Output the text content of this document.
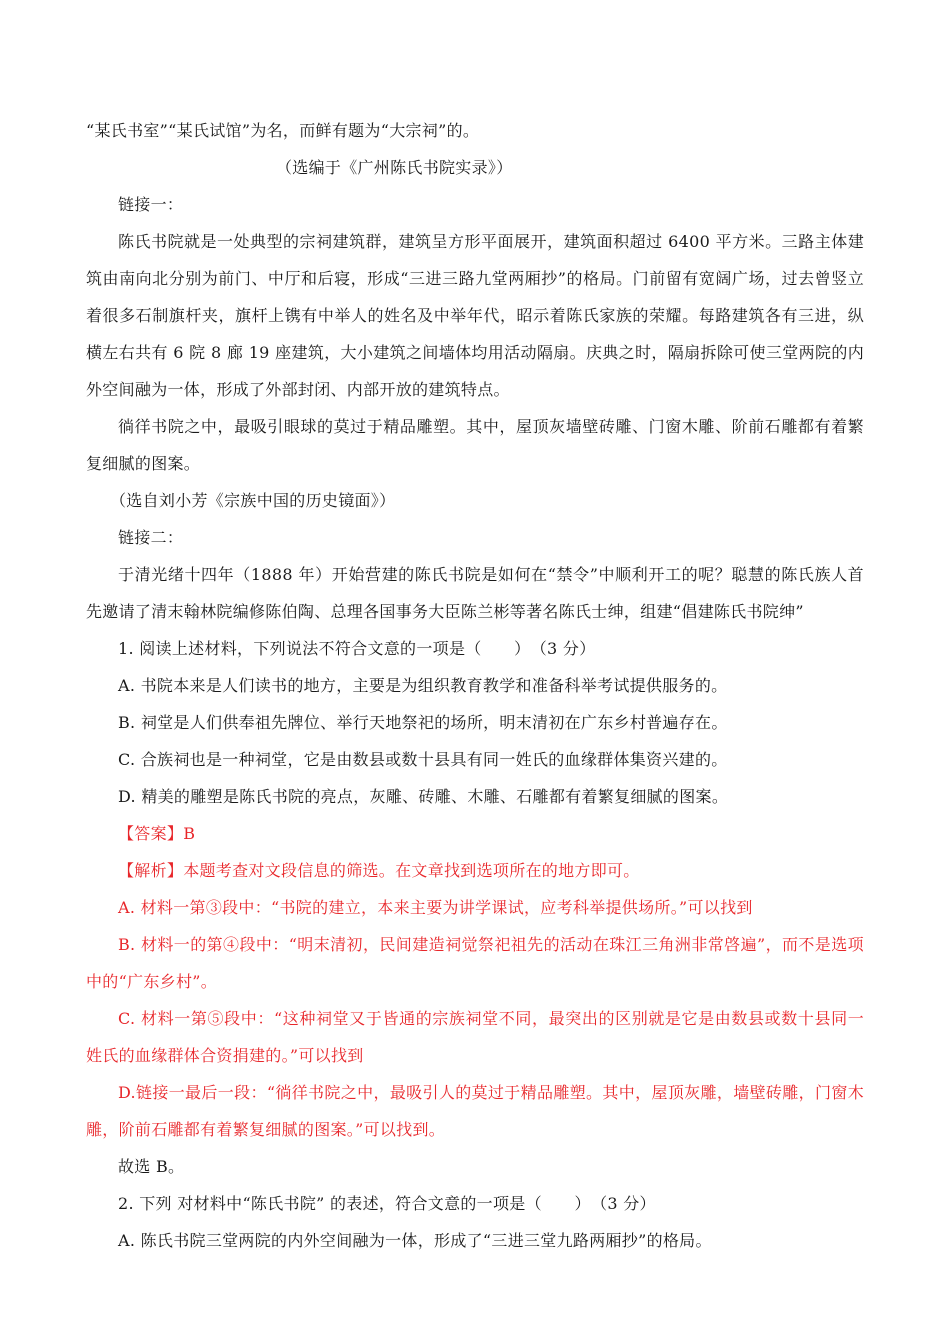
“某氏书室”“某氏试馆”为名，而鲜有题为“大宗祠”的。

（选编于《广州陈氏书院实录》）

链接一：

陈氏书院就是一处典型的宗祠建筑群，建筑呈方形平面展开，建筑面积超过 6400 平方米。三路主体建筑由南向北分别为前门、中厅和后寝，形成“三进三路九堂两厢抄”的格局。门前留有宽阔广场，过去曾竖立着很多石制旗杆夹，旗杆上镌有中举人的姓名及中举年代，昭示着陈氏家族的荣耀。每路建筑各有三进，纵横左右共有 6 院 8 廊 19 座建筑，大小建筑之间墙体均用活动隔扇。庆典之时，隔扇拆除可使三堂两院的内外空间融为一体，形成了外部封闭、内部开放的建筑特点。

徜徉书院之中，最吸引眼球的莫过于精品雕塑。其中，屋顶灰墙壁砖雕、门窗木雕、阶前石雕都有着繁复细腻的图案。

（选自刘小芳《宗族中国的历史镜面》）

链接二：

于清光绪十四年（1888 年）开始营建的陈氏书院是如何在“禁令”中顺利开工的呢？聪慧的陈氏族人首先邀请了清末翰林院编修陈伯陶、总理各国事务大臣陈兰彬等著名陈氏士绅，组建“倡建陈氏书院绅”

1. 阅读上述材料，下列说法不符合文意的一项是（　　）　（3 分）

A. 书院本来是人们读书的地方，主要是为组织教育教学和准备科举考试提供服务的。

B. 祠堂是人们供奉祖先牌位、举行天地祭祀的场所，明末清初在广东乡村普遍存在。

C. 合族祠也是一种祠堂，它是由数县或数十县具有同一姓氏的血缘群体集资兴建的。

D. 精美的雕塑是陈氏书院的亮点，灰雕、砖雕、木雕、石雕都有着繁复细腻的图案。

【答案】B

【解析】本题考查对文段信息的筛选。在文章找到选项所在的地方即可。

A. 材料一第③段中：“书院的建立，本来主要为讲学课试，应考科举提供场所。”可以找到

B. 材料一的第④段中：“明末清初，民间建造祠觉祭祀祖先的活动在珠江三角洲非常啓遍”，而不是选项中的“广东乡村”。

C. 材料一第⑤段中：“这种祠堂又于皆通的宗族祠堂不同，最突出的区别就是它是由数县或数十县同一姓氏的血缘群体合资捐建的。”可以找到

D.链接一最后一段：“徜徉书院之中，最吸引人的莫过于精品雕塑。其中，屋顶灰雕，墙壁砖雕，门窗木雕，阶前石雕都有着繁复细腻的图案。”可以找到。

故选 B。

2. 下列 对材料中“陈氏书院” 的表述，符合文意的一项是（　　）　（3 分）

A. 陈氏书院三堂两院的内外空间融为一体，形成了“三进三堂九路两厢抄”的格局。
